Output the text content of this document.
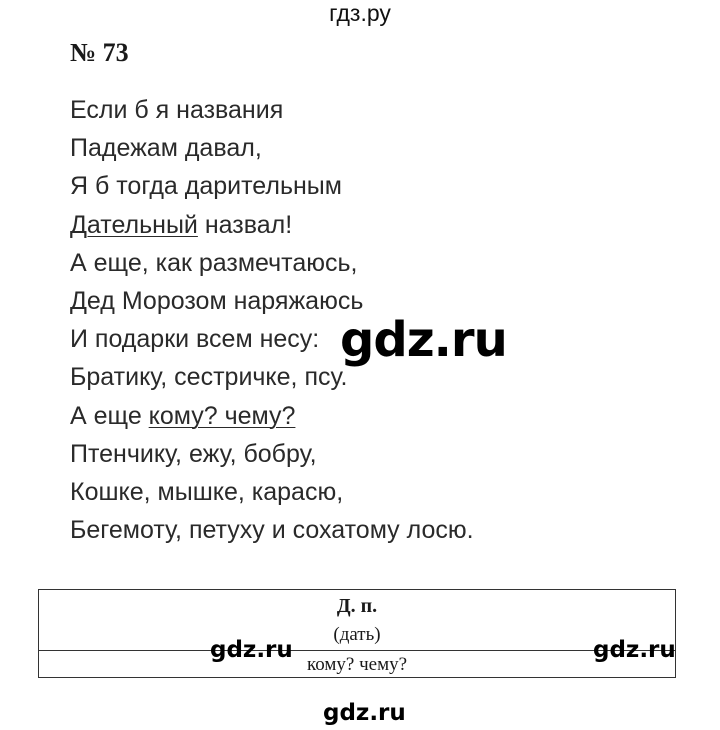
гдз.ру
№ 73
Если б я названия
Падежам давал,
Я б тогда дарительным
Дательный назвал!
А еще, как размечтаюсь,
Дед Морозом наряжаюсь
И подарки всем несу:
Братику, сестричке, псу.
А еще кому? чему?
Птенчику, ежу, бобру,
Кошке, мышке, карасю,
Бегемоту, петуху и сохатому лосю.
gdz.ru
Д. п.
(дать)
кому? чему?
gdz.ru	gdz.ru
gdz.ru
